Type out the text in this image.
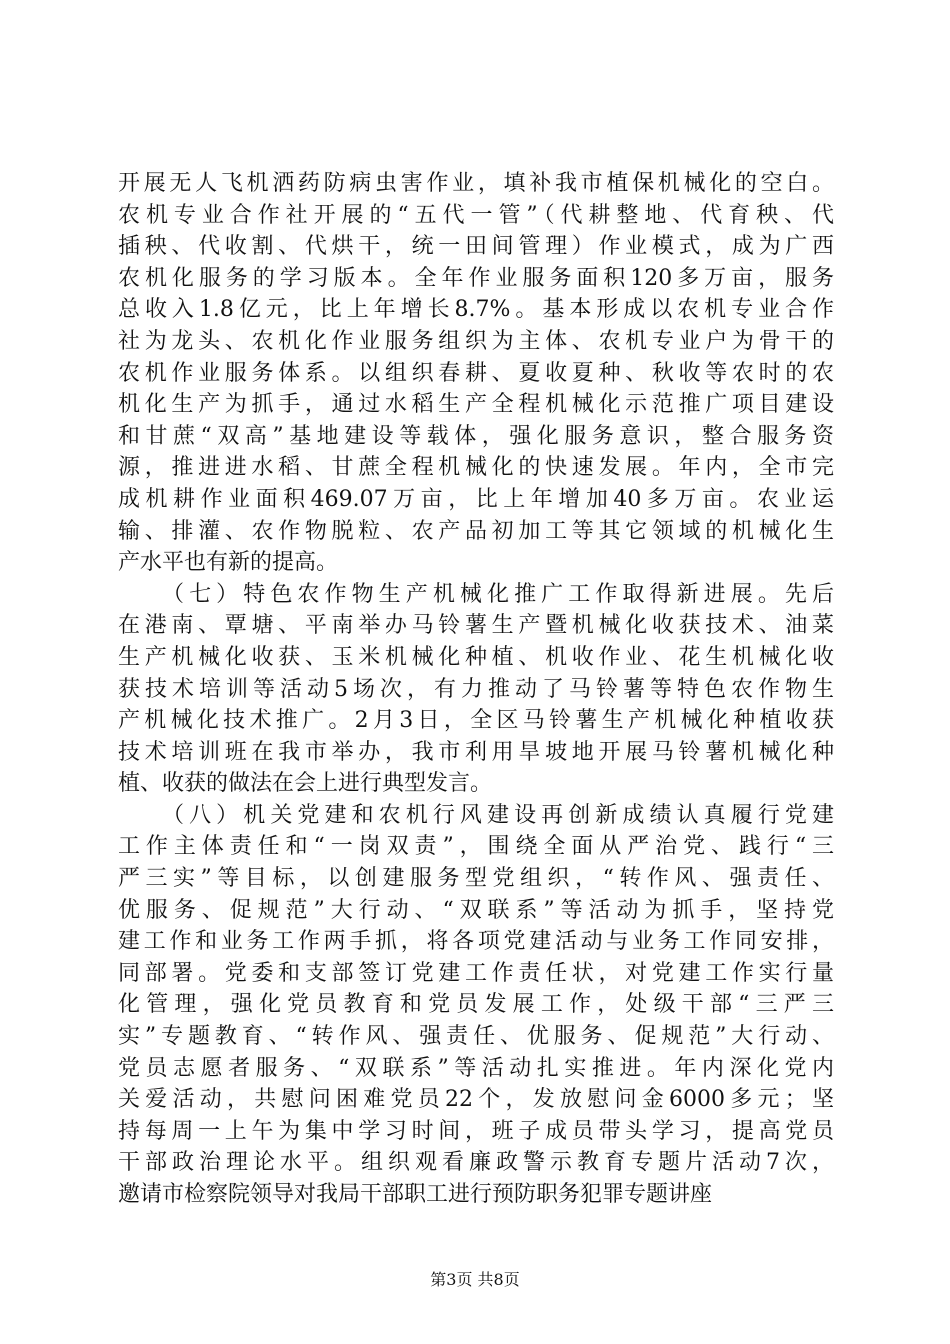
开展无人飞机洒药防病虫害作业，填补我市植保机械化的空白。
农机专业合作社开展的“五代一管”（代耕整地、代育秧、代
插秧、代收割、代烘干，统一田间管理）作业模式，成为广西
农机化服务的学习版本。全年作业服务面积120多万亩，服务
总收入1.8亿元，比上年增长8.7%。基本形成以农机专业合作
社为龙头、农机化作业服务组织为主体、农机专业户为骨干的
农机作业服务体系。以组织春耕、夏收夏种、秋收等农时的农
机化生产为抓手，通过水稻生产全程机械化示范推广项目建设
和甘蔗“双高”基地建设等载体，强化服务意识，整合服务资
源，推进进水稻、甘蔗全程机械化的快速发展。年内，全市完
成机耕作业面积469.07万亩，比上年增加40多万亩。农业运
输、排灌、农作物脱粒、农产品初加工等其它领域的机械化生
产水平也有新的提高。
（七）特色农作物生产机械化推广工作取得新进展。先后
在港南、覃塘、平南举办马铃薯生产暨机械化收获技术、油菜
生产机械化收获、玉米机械化种植、机收作业、花生机械化收
获技术培训等活动5场次，有力推动了马铃薯等特色农作物生
产机械化技术推广。2月3日，全区马铃薯生产机械化种植收获
技术培训班在我市举办，我市利用旱坡地开展马铃薯机械化种
植、收获的做法在会上进行典型发言。
（八）机关党建和农机行风建设再创新成绩认真履行党建
工作主体责任和“一岗双责”，围绕全面从严治党、践行“三
严三实”等目标，以创建服务型党组织，“转作风、强责任、
优服务、促规范”大行动、“双联系”等活动为抓手，坚持党
建工作和业务工作两手抓，将各项党建活动与业务工作同安排，
同部署。党委和支部签订党建工作责任状，对党建工作实行量
化管理，强化党员教育和党员发展工作，处级干部“三严三
实”专题教育、“转作风、强责任、优服务、促规范”大行动、
党员志愿者服务、“双联系”等活动扎实推进。年内深化党内
关爱活动，共慰问困难党员22个，发放慰问金6000多元；坚
持每周一上午为集中学习时间，班子成员带头学习，提高党员
干部政治理论水平。组织观看廉政警示教育专题片活动7次，
邀请市检察院领导对我局干部职工进行预防职务犯罪专题讲座
第3页 共8页
